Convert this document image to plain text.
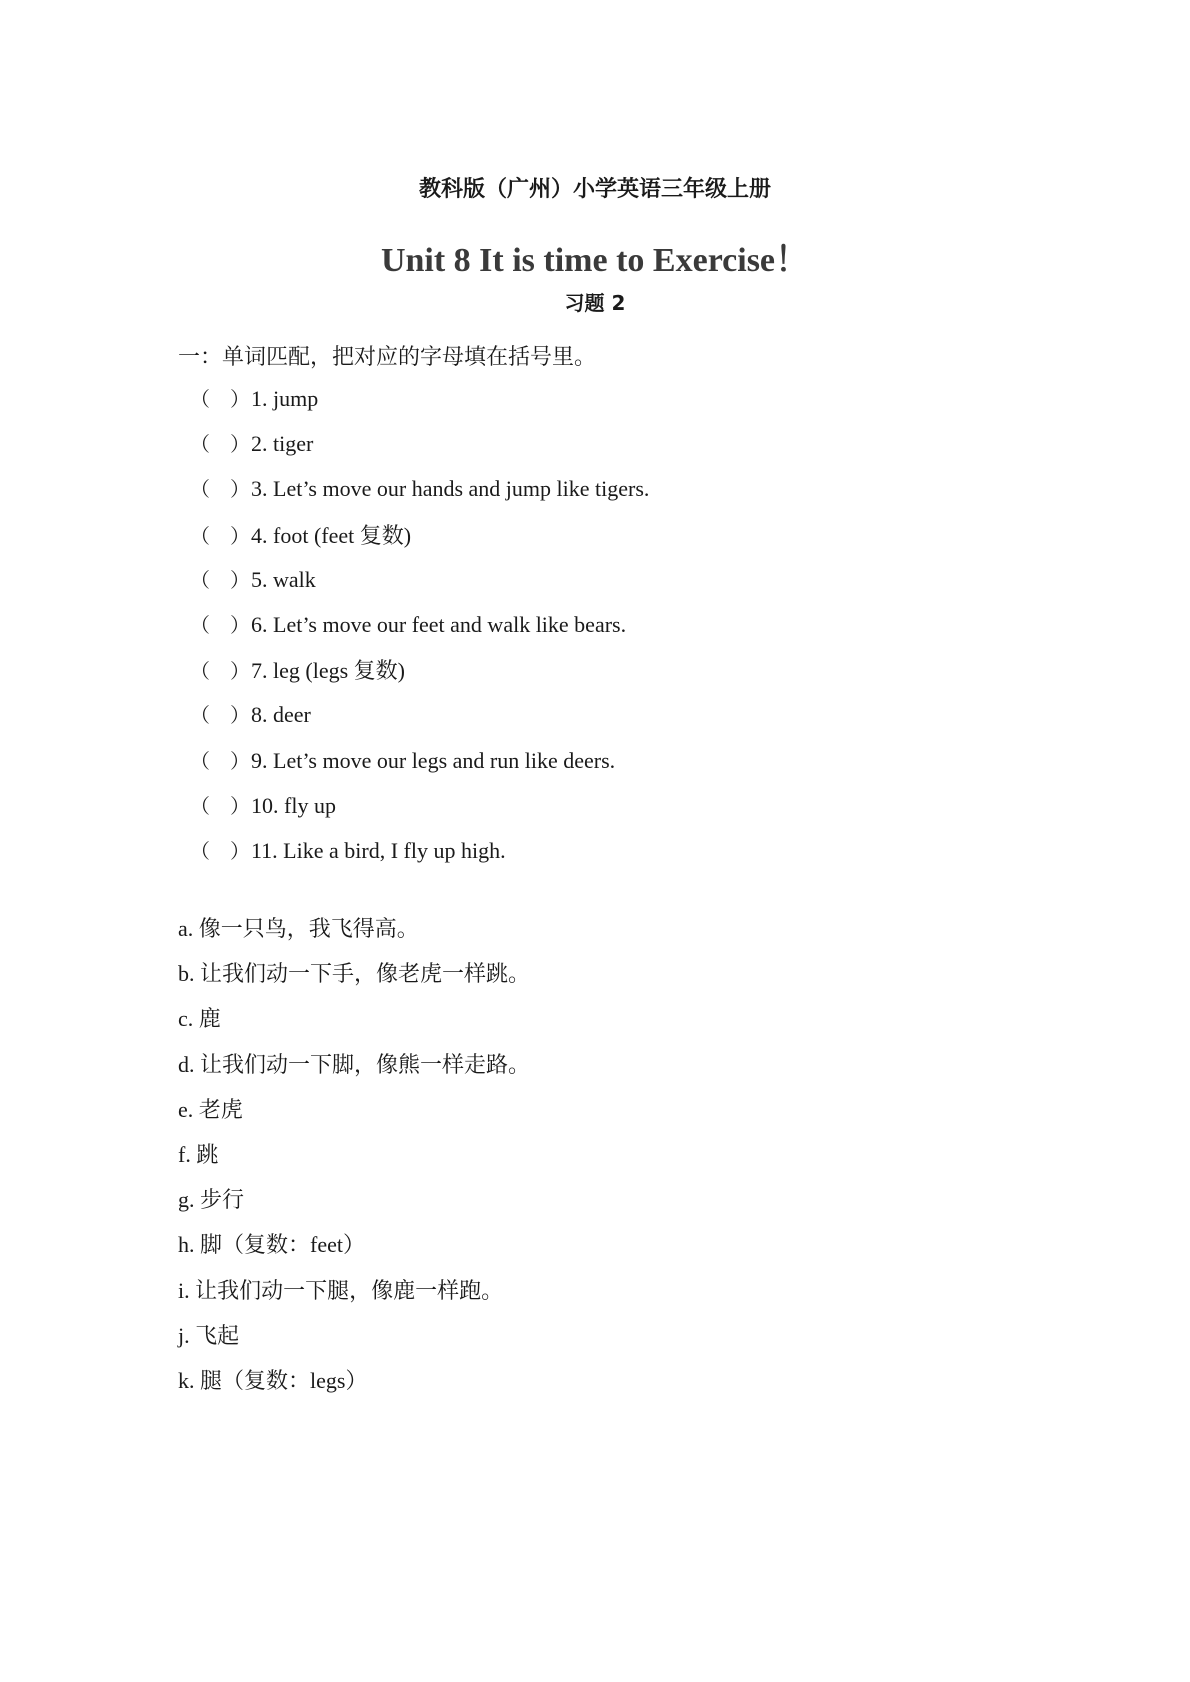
教科版（广州）小学英语三年级上册
Unit 8 It is time to Exercise！
习题 2
一：单词匹配，把对应的字母填在括号里。
（　）1. jump
（　）2. tiger
（　）3. Let’s move our hands and jump like tigers.
（　）4. foot (feet 复数)
（　）5. walk
（　）6. Let’s move our feet and walk like bears.
（　）7. leg (legs 复数)
（　）8. deer
（　）9. Let’s move our legs and run like deers.
（　）10. fly up
（　）11. Like a bird, I fly up high.
a. 像一只鸟，我飞得高。
b. 让我们动一下手，像老虎一样跳。
c. 鹿
d. 让我们动一下脚，像熊一样走路。
e. 老虎
f. 跳
g. 步行
h. 脚（复数：feet）
i. 让我们动一下腿，像鹿一样跑。
j. 飞起
k. 腿（复数：legs）
